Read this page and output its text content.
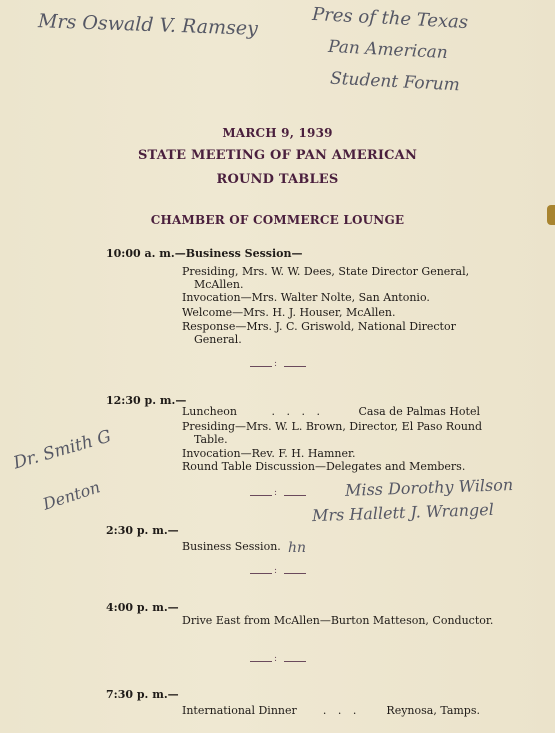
Mrs Oswald V. Ramsey	Pres of the Texas
Pan American
Student Forum
Dr. Smith G
Denton	Miss Dorothy Wilson
Mrs Hallett J. Wrangel
hn
MARCH 9, 1939
STATE MEETING OF PAN AMERICAN
ROUND TABLES
CHAMBER OF COMMERCE LOUNGE
10:00 a. m.—Business Session—
Presiding, Mrs. W. W. Dees, State Director General, McAllen.
Invocation—Mrs. Walter Nolte, San Antonio.
Welcome—Mrs. H. J. Houser, McAllen.
Response—Mrs. J. C. Griswold, National Director General.
:
12:30 p. m.—
Luncheon	. . . .	Casa de Palmas Hotel
Presiding—Mrs. W. L. Brown, Director, El Paso Round Table.
Invocation—Rev. F. H. Hamner.
Round Table Discussion—Delegates and Members.
:
2:30 p. m.—
Business Session.
:
4:00 p. m.—
Drive East from McAllen—Burton Matteson, Conductor.
:
7:30 p. m.—
International Dinner	. . .	Reynosa, Tamps.
